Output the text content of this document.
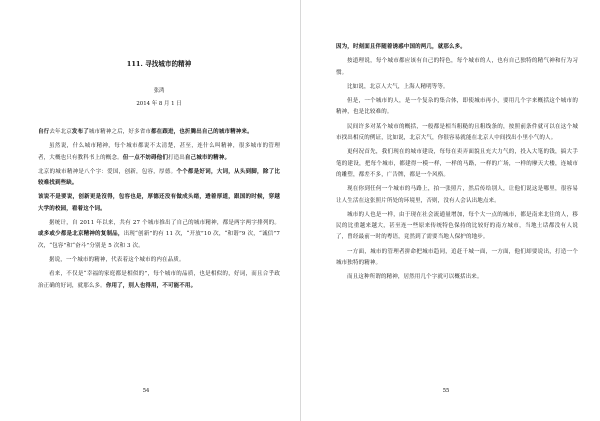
111. 寻找城市的精神
张鸿
2014 年 8 月 1 日

自行去年北京发布了城市精神之后，好多省市都在跟进，也折腾出自己的城市精神来。

虽然说，什么城市精神，每个城市都说不太清楚，甚至，连什么叫精神，很多城市的管理者，大概也只有教科书上的概念。但一点不妨碍他们打造出自己城市的精神。

北京的城市精神是八个字：爱国，创新，包容，厚德。个个都是好词，大词，从头到脚，除了比较难找到些缺。

该说不是要说，创新更是沒得，包容也是，厚德还没有做成头绪，透着厚道，跟国的时候，穿越大学的校园，看着这个词。

据统计，自 2011 年以来，共有 27 个城市推出了自己的城市精神，都是两字两字排列的。或多或少都是北京精神的复制品，出现“创新”的有 11 次，“开放”10 次，“和谐”9 次，“诚信”7 次，“包容”和“奋斗”分别是 5 次和 3 次。

据说，一个城市的精神，代表着这个城市的内在品质。

看来，不仅是“幸福的家庭都是相似的”，每个城市的品质，也是相似的，好词，而且合乎政治正确的好词，就那么多。你用了，别人也得用，不可能不用。

因为，时刻面且伴随着诱惑中国的两几，就那么多。

按道理说，每个城市都应该有自己的特色，每个城市的人，也有自己独特的精气神和行为习惯。

比如说，北京人大气，上海人精明等等。

但是，一个城市的人，是一个复杂的集合体，即使城市再小，要用几个字来概括这个城市的精神，也是比较难的。

民间许多对某个城市的概括，一般都是相当粗糙的且粗线条的，按照前条件就可以在这个城市找出相反的例证，比如说，北京大气，你很容易就能在北京人中间找出小里小气的人。

更何况首先，我们现在的城市建设，每每在卖弄面貌且充大力气的，投入大笔的钱，搞大手笔的建设，把每个城市，都建得一模一样，一样的马路，一样的广场，一样的摩天大楼，连城市的雕塑，都差不多，广告牌，都是一个风格。

现在你到任何一个城市的马路上，拍一张照片，然后传给别人，让他们说这是哪里，很容易让人生活在这张照片所处的环境里，否则，没有人会认出地点来。

城市的人也是一样，由于现在社会流通量增加，每个大一点的城市，都是南来北往的人，移民的比重越来越大，甚至连一些原来传统特色保持的比较好的南方城市，当地土话都没有人说了，曾经最前一时的粤语，竟然到了需要当地人保护的地步。

一方面，城市的管理者拼命把城市趋同，追赶千城一面，一方面，他们却要说出，打造一个城市独特的精神。

而且这种所谓的精神，居然用几个字就可以概括出来。

54	55
